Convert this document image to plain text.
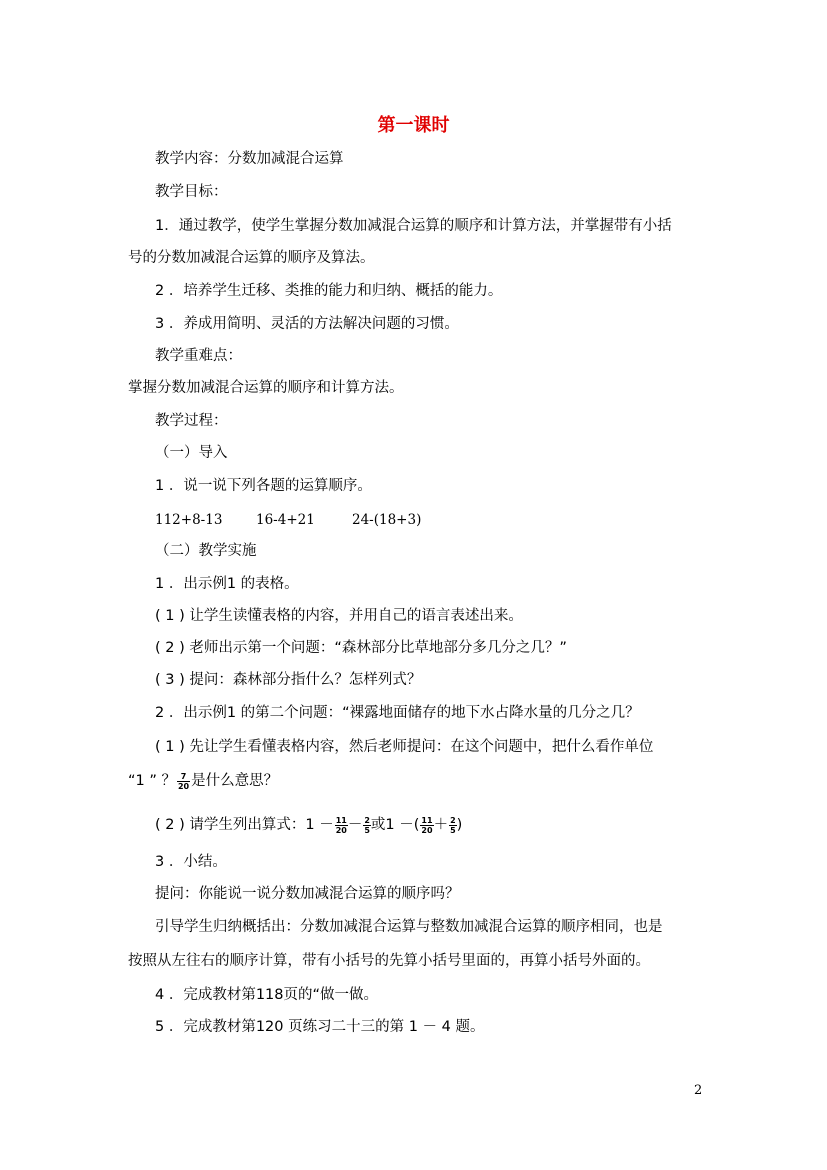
第一课时
教学内容：分数加减混合运算
教学目标：
1．通过教学，使学生掌握分数加减混合运算的顺序和计算方法，并掌握带有小括
号的分数加减混合运算的顺序及算法。
2 ．培养学生迁移、类推的能力和归纳、概括的能力。
3 ．养成用简明、灵活的方法解决问题的习惯。
教学重难点：
掌握分数加减混合运算的顺序和计算方法。
教学过程：
（一）导入
1 ．说一说下列各题的运算顺序。
112+8-13 16-4+21	24-(18+3)
（二）教学实施
1 ．出示例1 的表格。
( 1 ) 让学生读懂表格的内容，并用自己的语言表述出来。
( 2 ) 老师出示第一个问题：“森林部分比草地部分多几分之几？”
( 3 ) 提问：森林部分指什么？怎样列式？
2 ．出示例1 的第二个问题：“裸露地面储存的地下水占降水量的几分之几？
( 1 ) 先让学生看懂表格内容，然后老师提问：在这个问题中，把什么看作单位
“1 ” ？ $\frac{7}{20}$ 是什么意思？
( 2 ) 请学生列出算式：$1 - \frac{11}{20} - \frac{2}{5}$ 或1 －( $\frac{11}{20} + \frac{2}{5}$ )
3 ．小结。
提问：你能说一说分数加减混合运算的顺序吗？
引导学生归纳概括出：分数加减混合运算与整数加减混合运算的顺序相同，也是
按照从左往右的顺序计算，带有小括号的先算小括号里面的，再算小括号外面的。
4 ．完成教材第118页的“做一做。
5 ．完成教材第120 页练习二十三的第 1 － 4 题。
2
